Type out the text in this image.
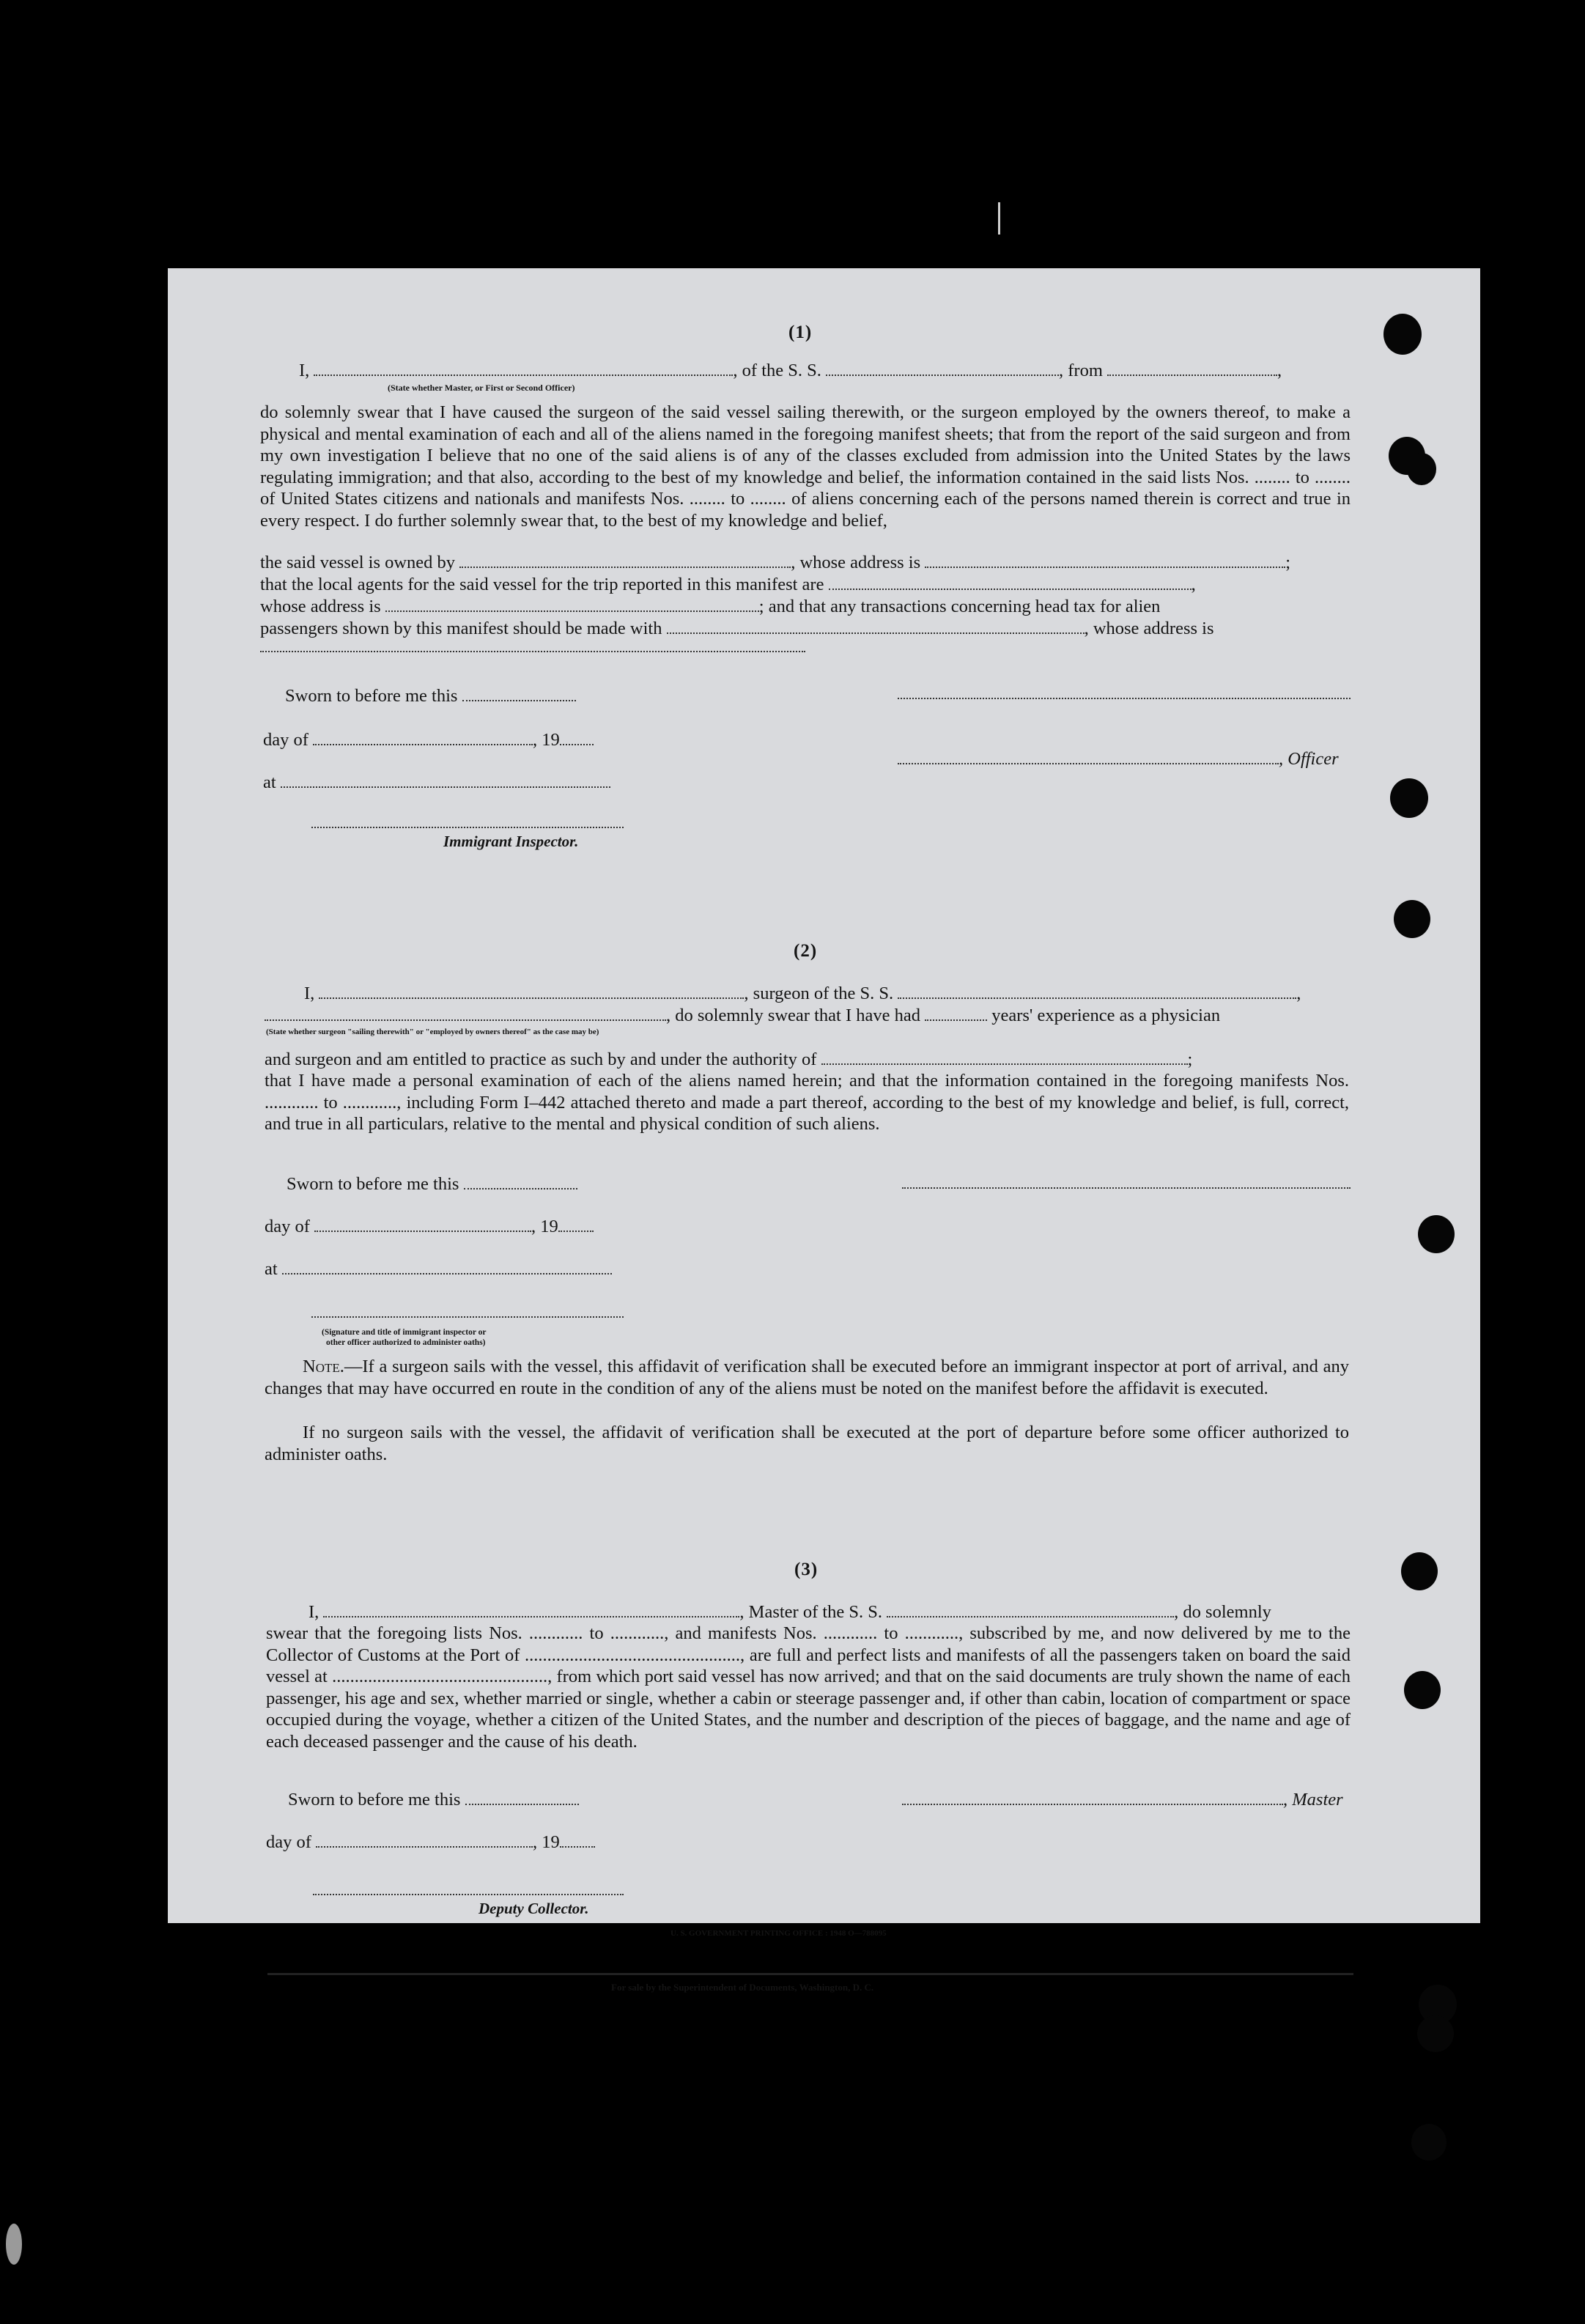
(1)
I,	, of the S. S.	, from	,
(State whether Master, or First or Second Officer)
do solemnly swear that I have caused the surgeon of the said vessel sailing therewith, or the surgeon employed by the owners thereof, to make a physical and mental examination of each and all of the aliens named in the foregoing manifest sheets; that from the report of the said surgeon and from my own investigation I believe that no one of the said aliens is of any of the classes excluded from admission into the United States by the laws regulating immigration; and that also, according to the best of my knowledge and belief, the information contained in the said lists Nos. ........ to ........ of United States citizens and nationals and manifests Nos. ........ to ........ of aliens concerning each of the persons named therein is correct and true in every respect. I do further solemnly swear that, to the best of my knowledge and belief,
the said vessel is owned by	, whose address is	;
that the local agents for the said vessel for the trip reported in this manifest are	,
whose address is	; and that any transactions concerning head tax for alien
passengers shown by this manifest should be made with	, whose address is
Sworn to before me this
day of	, 19
, Officer
at
Immigrant Inspector.
(2)
I,	, surgeon of the S. S.	,
, do solemnly swear that I have had	years' experience as a physician
(State whether surgeon "sailing therewith" or "employed by owners thereof" as the case may be)
and surgeon and am entitled to practice as such by and under the authority of	;
that I have made a personal examination of each of the aliens named herein; and that the information contained in the foregoing manifests Nos. ............ to ............, including Form I–442 attached thereto and made a part thereof, according to the best of my knowledge and belief, is full, correct, and true in all particulars, relative to the mental and physical condition of such aliens.
Sworn to before me this
day of	, 19
at
(Signature and title of immigrant inspector or
other officer authorized to administer oaths)
Note.—If a surgeon sails with the vessel, this affidavit of verification shall be executed before an immigrant inspector at port of arrival, and any changes that may have occurred en route in the condition of any of the aliens must be noted on the manifest before the affidavit is executed.
If no surgeon sails with the vessel, the affidavit of verification shall be executed at the port of departure before some officer authorized to administer oaths.
(3)
I,	, Master of the S. S.	, do solemnly
swear that the foregoing lists Nos. ............ to ............, and manifests Nos. ............ to ............, subscribed by me, and now delivered by me to the Collector of Customs at the Port of ................................................, are full and perfect lists and manifests of all the passengers taken on board the said vessel at ................................................, from which port said vessel has now arrived; and that on the said documents are truly shown the name of each passenger, his age and sex, whether married or single, whether a cabin or steerage passenger and, if other than cabin, location of compartment or space occupied during the voyage, whether a citizen of the United States, and the number and description of the pieces of baggage, and the name and age of each deceased passenger and the cause of his death.
Sworn to before me this	, Master
day of	, 19
Deputy Collector.
U. S. GOVERNMENT PRINTING OFFICE : 1948 O—788095
For sale by the Superintendent of Documents, Washington, D. C.
